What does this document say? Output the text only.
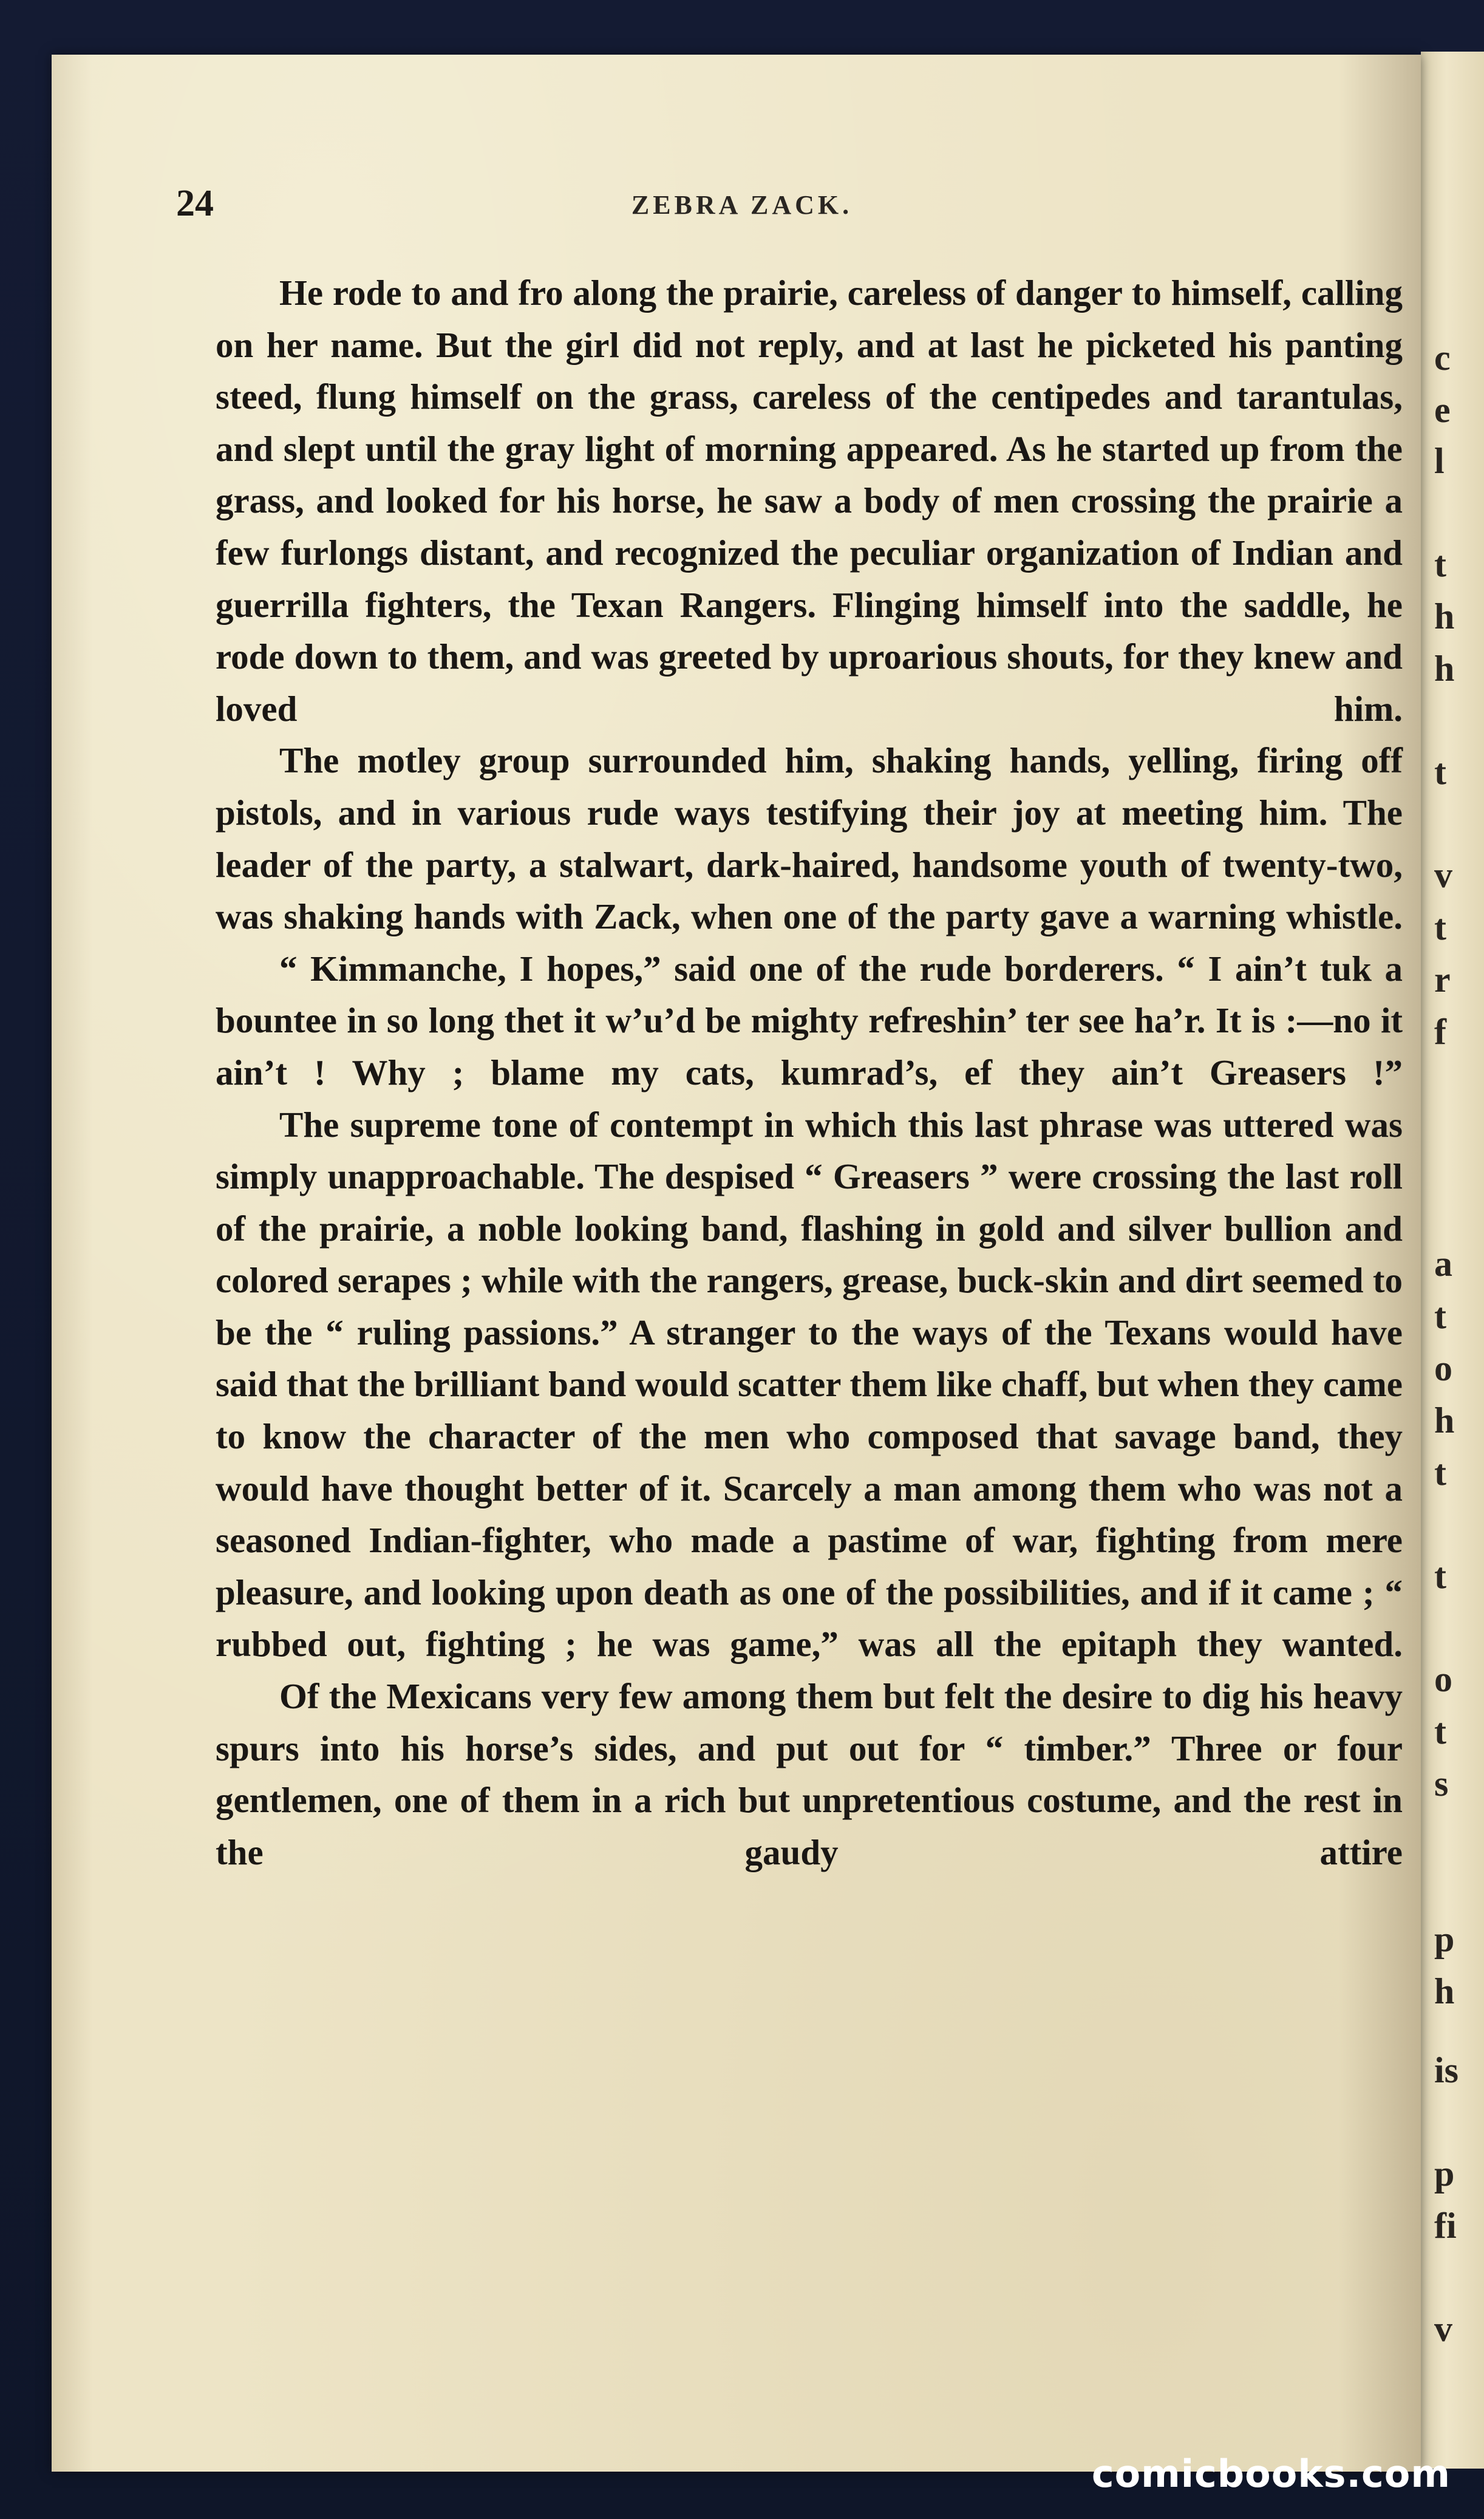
c
e
l
t
h
h
t
v
t
r
f
a
t
o
h
t
t
o
t
s
p
h
is
p
fi
v
24	ZEBRA ZACK.

He rode to and fro along the prairie, careless of danger to himself, calling on her name. But the girl did not reply, and at last he picketed his panting steed, flung himself on the grass, careless of the centipedes and tarantulas, and slept until the gray light of morning appeared. As he started up from the grass, and looked for his horse, he saw a body of men crossing the prairie a few furlongs distant, and recognized the peculiar organization of Indian and guerrilla fighters, the Texan Rangers. Flinging himself into the saddle, he rode down to them, and was greeted by uproarious shouts, for they knew and loved him.

The motley group surrounded him, shaking hands, yelling, firing off pistols, and in various rude ways testifying their joy at meeting him. The leader of the party, a stalwart, dark-haired, handsome youth of twenty-two, was shaking hands with Zack, when one of the party gave a warning whistle.

“ Kimmanche, I hopes,” said one of the rude borderers. “ I ain’t tuk a bountee in so long thet it w’u’d be mighty refreshin’ ter see ha’r. It is :—no it ain’t ! Why ; blame my cats, kumrad’s, ef they ain’t Greasers !”

The supreme tone of contempt in which this last phrase was uttered was simply unapproachable. The despised “ Greasers ” were crossing the last roll of the prairie, a noble looking band, flashing in gold and silver bullion and colored serapes ; while with the rangers, grease, buck-skin and dirt seemed to be the “ ruling passions.” A stranger to the ways of the Texans would have said that the brilliant band would scatter them like chaff, but when they came to know the character of the men who composed that savage band, they would have thought better of it. Scarcely a man among them who was not a seasoned Indian-fighter, who made a pastime of war, fighting from mere pleasure, and looking upon death as one of the possibilities, and if it came ; “ rubbed out, fighting ; he was game,” was all the epitaph they wanted.

Of the Mexicans very few among them but felt the desire to dig his heavy spurs into his horse’s sides, and put out for “ timber.” Three or four gentlemen, one of them in a rich but unpretentious costume, and the rest in the gaudy attire

comicbooks.com
